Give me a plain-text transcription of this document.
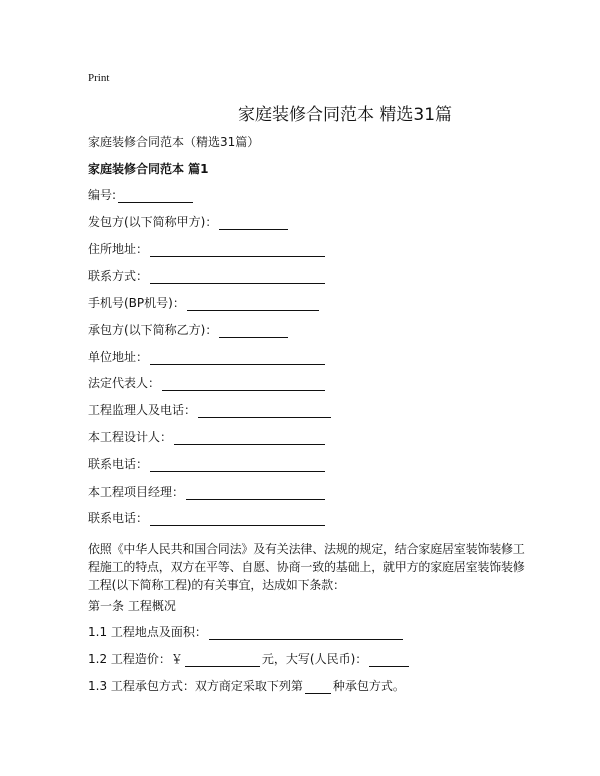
Print
家庭装修合同范本 精选31篇
家庭装修合同范本（精选31篇）
家庭装修合同范本 篇1
编号:
发包方(以下简称甲方)：
住所地址：
联系方式：
手机号(BP机号)：
承包方(以下简称乙方)：
单位地址：
法定代表人：
工程监理人及电话：
本工程设计人：
联系电话：
本工程项目经理：
联系电话：
依照《中华人民共和国合同法》及有关法律、法规的规定，结合家庭居室装饰装修工程施工的特点，双方在平等、自愿、协商一致的基础上，就甲方的家庭居室装饰装修工程(以下简称工程)的有关事宜，达成如下条款：
第一条 工程概况
1.1 工程地点及面积：
1.2 工程造价：￥	元，大写(人民币)：
1.3 工程承包方式：双方商定采取下列第	种承包方式。
